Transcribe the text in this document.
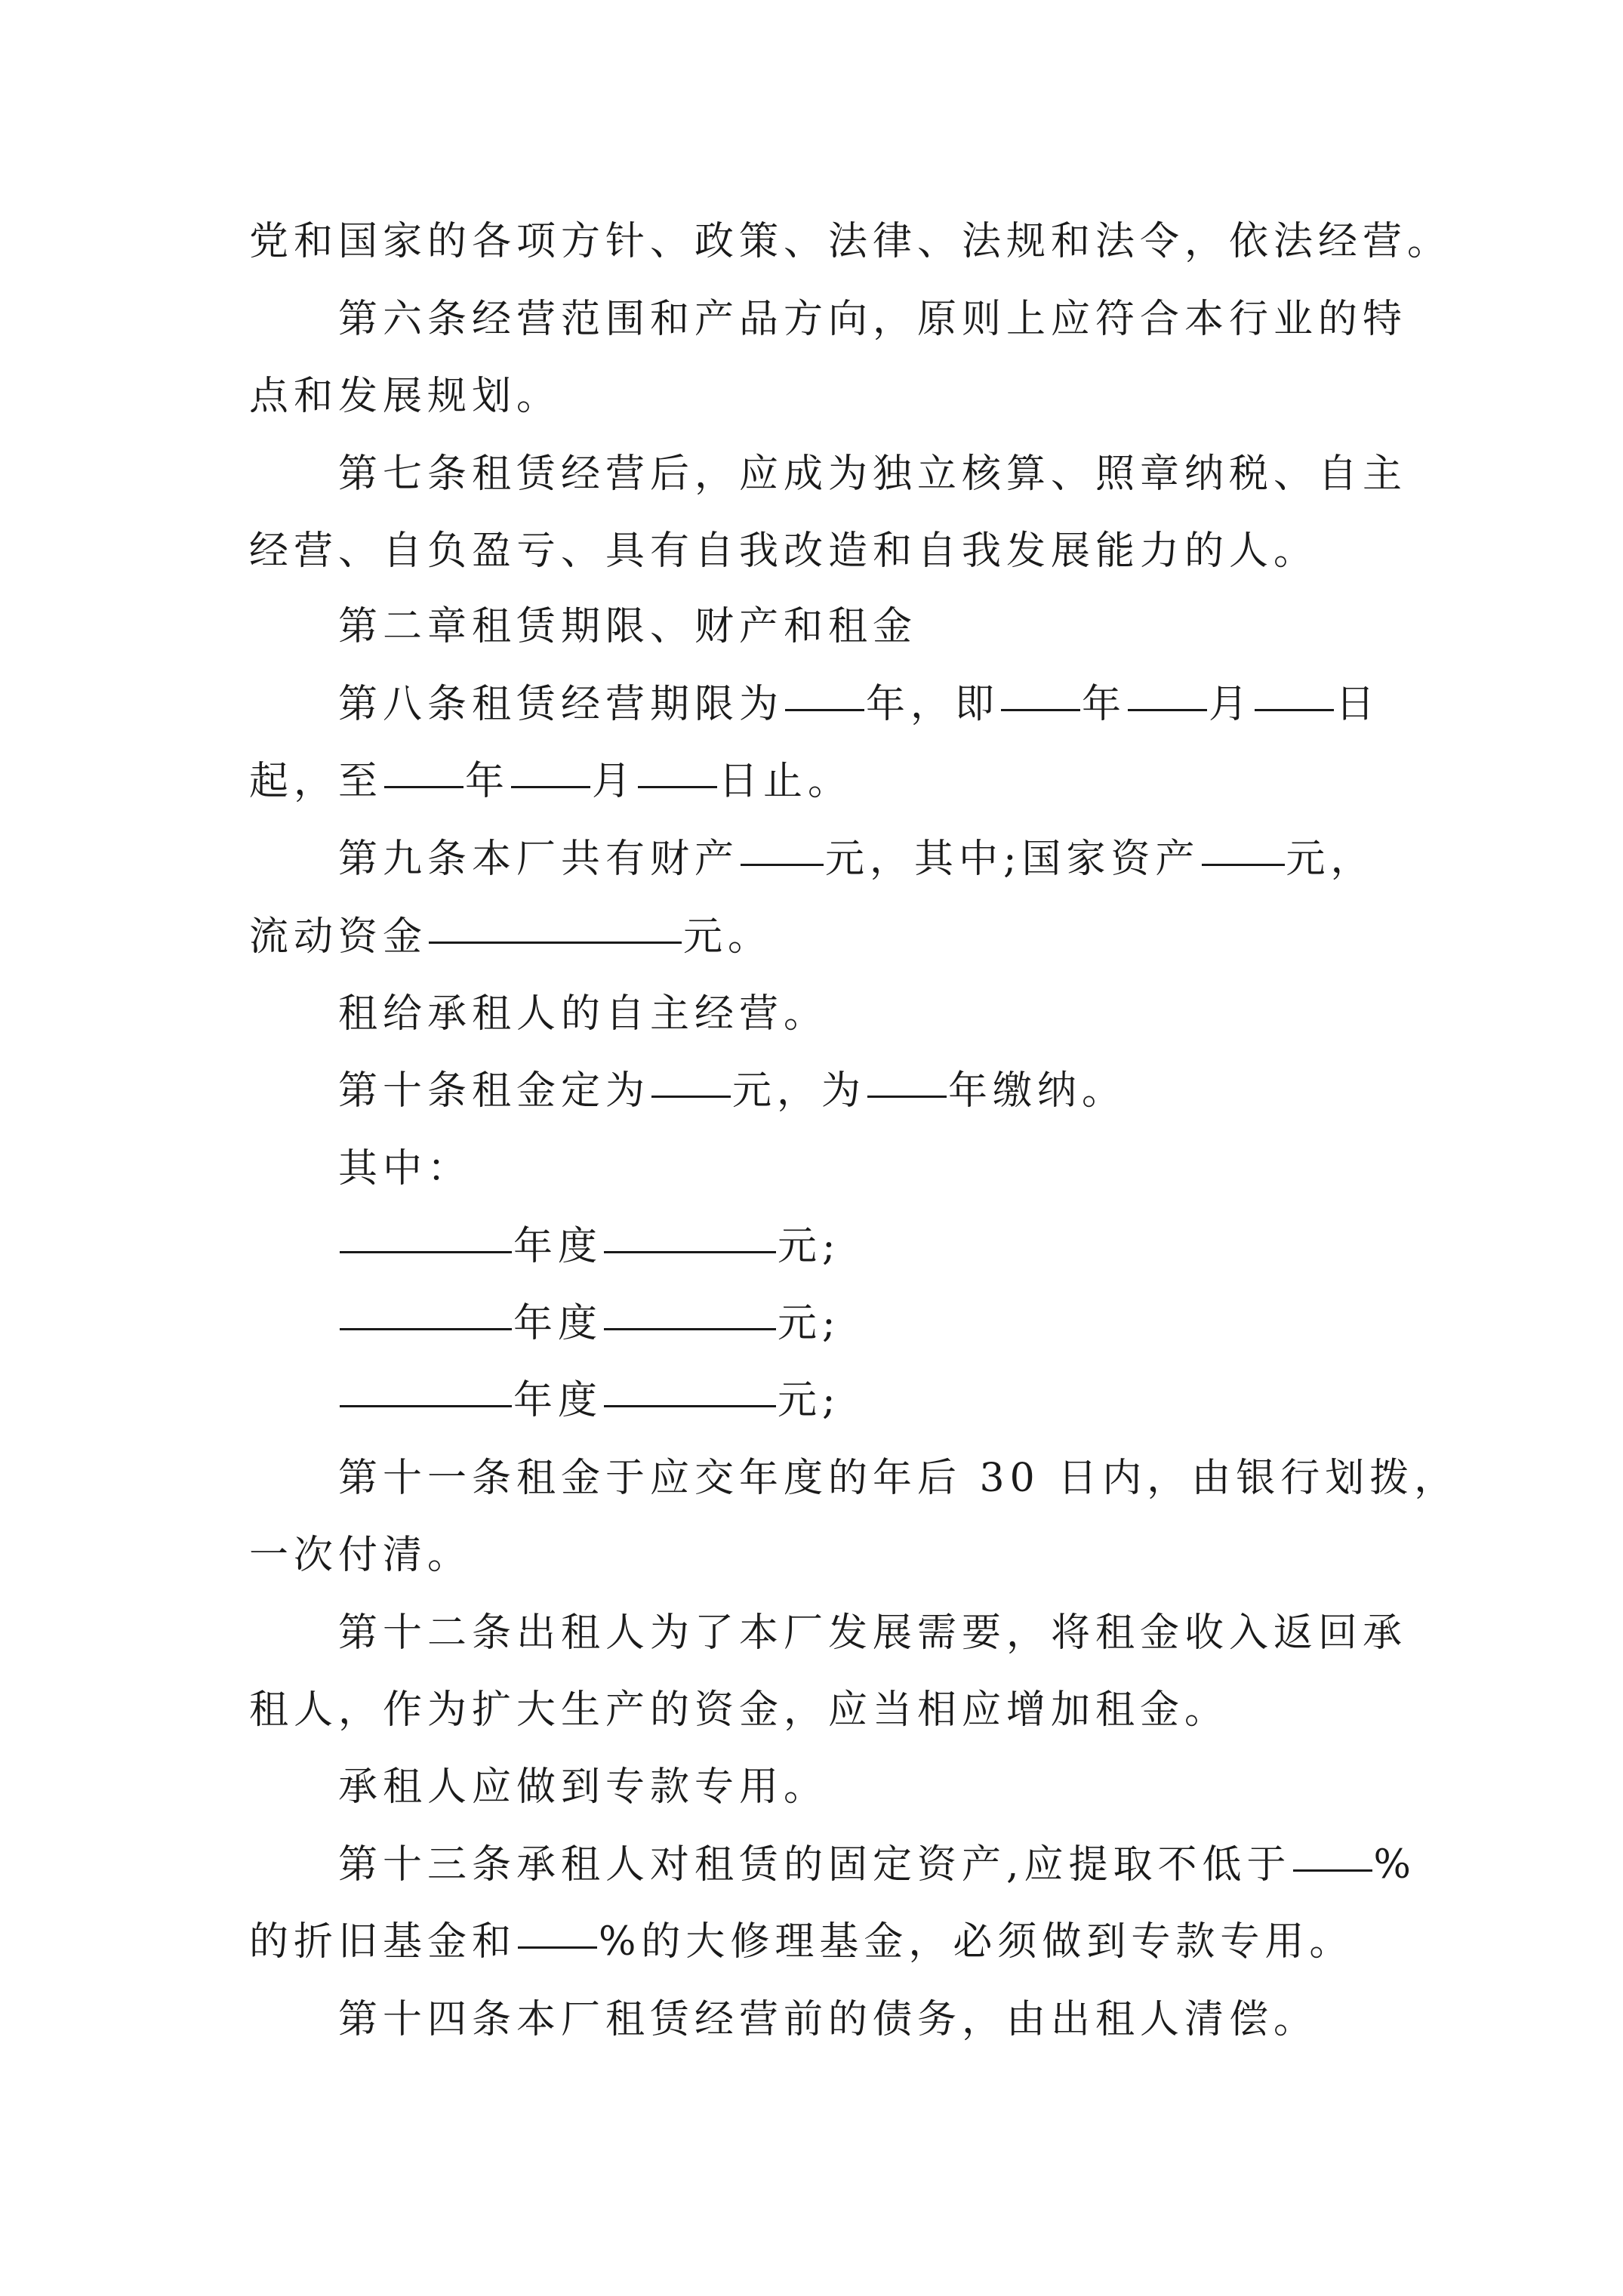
党和国家的各项方针、政策、法律、法规和法令，依法经营。
第六条经营范围和产品方向，原则上应符合本行业的特
点和发展规划。
第七条租赁经营后，应成为独立核算、照章纳税、自主
经营、自负盈亏、具有自我改造和自我发展能力的人。
第二章租赁期限、财产和租金
第八条租赁经营期限为 年，即 年 月 日
起，至 年 月 日止。
第九条本厂共有财产 元，其中;国家资产 元，
流动资金	元。
租给承租人的自主经营。
第十条租金定为 元，为 年缴纳。
其中：
年度	元;
年度	元;
年度	元;
第十一条租金于应交年度的年后 30 日内，由银行划拨，
一次付清。
第十二条出租人为了本厂发展需要，将租金收入返回承
租人，作为扩大生产的资金，应当相应增加租金。
承租人应做到专款专用。
第十三条承租人对租赁的固定资产,应提取不低于 %
的折旧基金和 %的大修理基金，必须做到专款专用。
第十四条本厂租赁经营前的债务，由出租人清偿。
